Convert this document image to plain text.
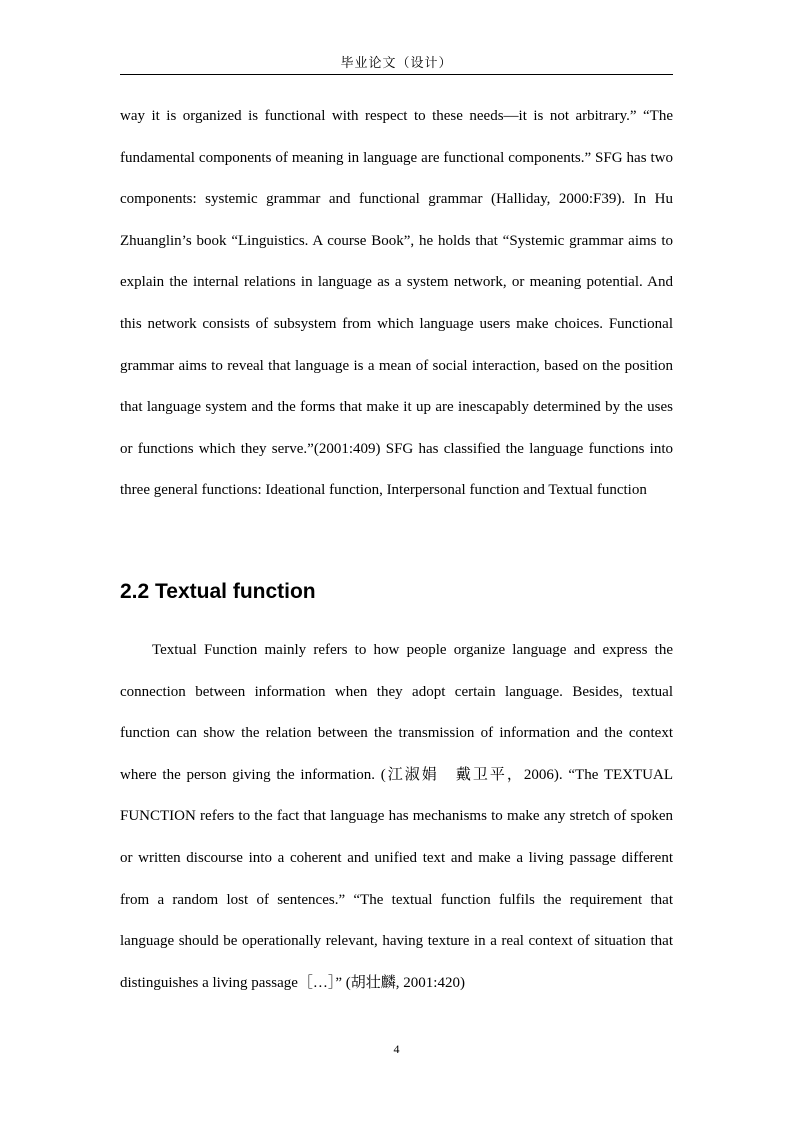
毕业论文（设计）

way it is organized is functional with respect to these needs—it is not arbitrary.” “The fundamental components of meaning in language are functional components.” SFG has two components: systemic grammar and functional grammar (Halliday, 2000:F39). In Hu Zhuanglin’s book “Linguistics. A course Book”, he holds that “Systemic grammar aims to explain the internal relations in language as a system network, or meaning potential. And this network consists of subsystem from which language users make choices. Functional grammar aims to reveal that language is a mean of social interaction, based on the position that language system and the forms that make it up are inescapably determined by the uses or functions which they serve.”(2001:409) SFG has classified the language functions into three general functions: Ideational function, Interpersonal function and Textual function

2.2 Textual function

Textual Function mainly refers to how people organize language and express the connection between information when they adopt certain language. Besides, textual function can show the relation between the transmission of information and the context where the person giving the information. (江淑娟　戴卫平，2006). “The TEXTUAL FUNCTION refers to the fact that language has mechanisms to make any stretch of spoken or written discourse into a coherent and unified text and make a living passage different from a random lost of sentences.” “The textual function fulfils the requirement that language should be operationally relevant, having texture in a real context of situation that distinguishes a living passage［…］” (胡壮麟, 2001:420)

4
